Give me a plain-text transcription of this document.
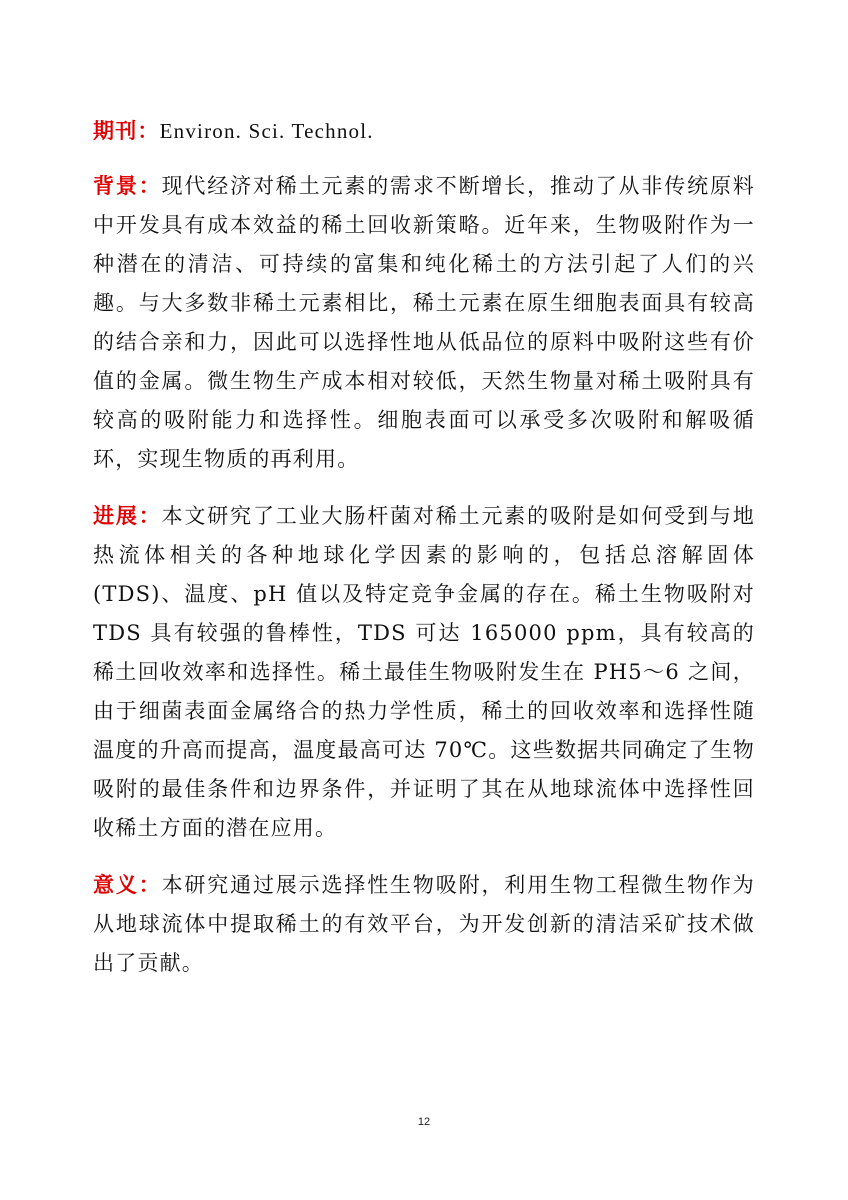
期刊：Environ. Sci. Technol.

背景：现代经济对稀土元素的需求不断增长，推动了从非传统原料中开发具有成本效益的稀土回收新策略。近年来，生物吸附作为一种潜在的清洁、可持续的富集和纯化稀土的方法引起了人们的兴趣。与大多数非稀土元素相比，稀土元素在原生细胞表面具有较高的结合亲和力，因此可以选择性地从低品位的原料中吸附这些有价值的金属。微生物生产成本相对较低，天然生物量对稀土吸附具有较高的吸附能力和选择性。细胞表面可以承受多次吸附和解吸循环，实现生物质的再利用。

进展：本文研究了工业大肠杆菌对稀土元素的吸附是如何受到与地热流体相关的各种地球化学因素的影响的，包括总溶解固体(TDS)、温度、pH 值以及特定竞争金属的存在。稀土生物吸附对 TDS 具有较强的鲁棒性，TDS 可达 165000 ppm，具有较高的稀土回收效率和选择性。稀土最佳生物吸附发生在 PH5～6 之间，由于细菌表面金属络合的热力学性质，稀土的回收效率和选择性随温度的升高而提高，温度最高可达 70℃。这些数据共同确定了生物吸附的最佳条件和边界条件，并证明了其在从地球流体中选择性回收稀土方面的潜在应用。

意义：本研究通过展示选择性生物吸附，利用生物工程微生物作为从地球流体中提取稀土的有效平台，为开发创新的清洁采矿技术做出了贡献。

12
